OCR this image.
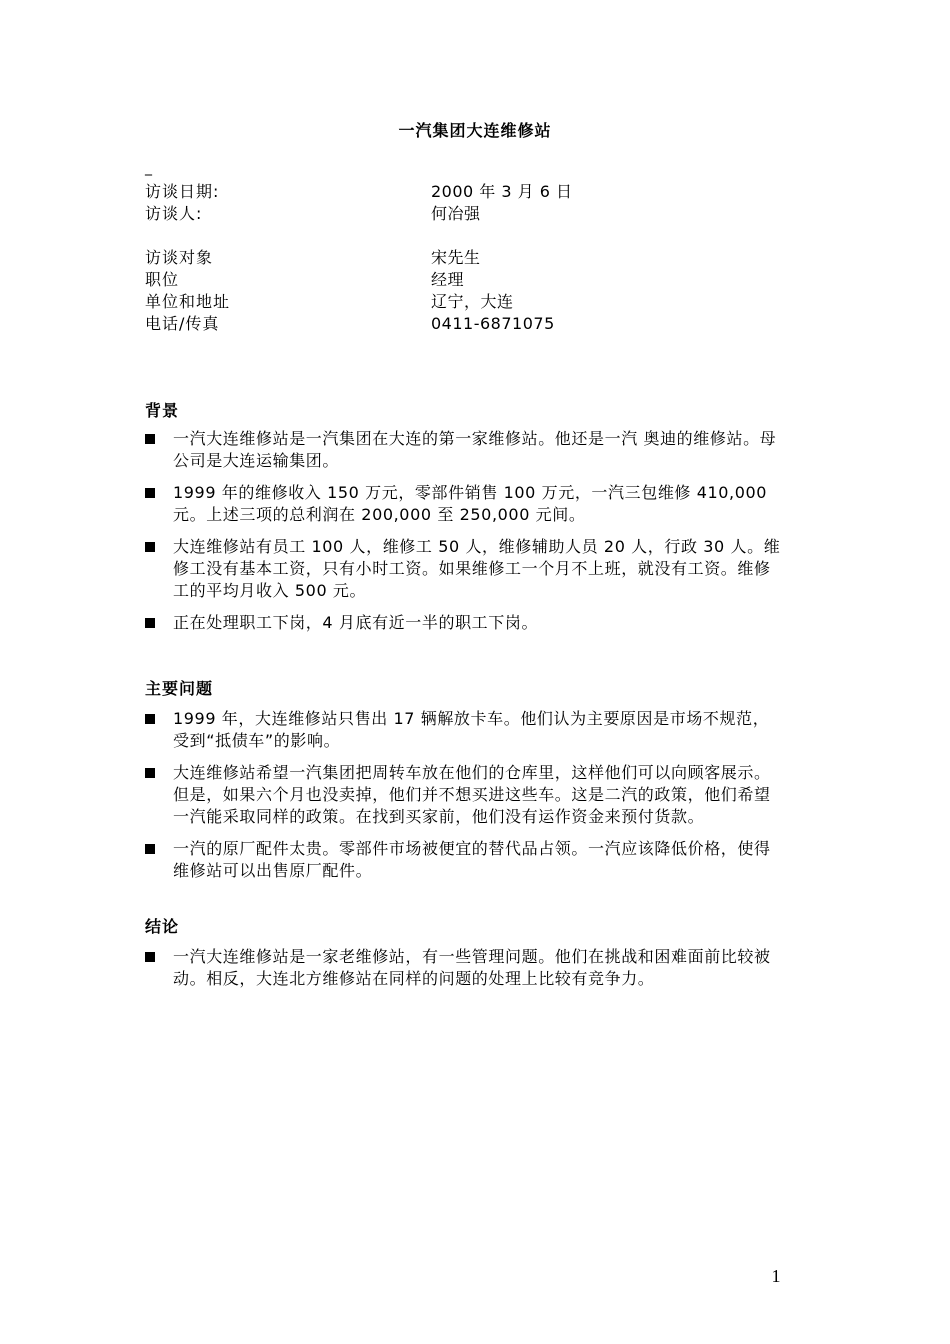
一汽集团大连维修站
_
访谈日期:	2000 年 3 月 6 日
访谈人:	何冶强
访谈对象	宋先生
职位	经理
单位和地址	辽宁，大连
电话/传真	0411-6871075
背景
一汽大连维修站是一汽集团在大连的第一家维修站。他还是一汽 奥迪的维修站。母公司是大连运输集团。
1999 年的维修收入 150 万元，零部件销售 100 万元，一汽三包维修 410,000 元。上述三项的总利润在 200,000 至 250,000 元间。
大连维修站有员工 100 人，维修工 50 人，维修辅助人员 20 人，行政 30 人。维修工没有基本工资，只有小时工资。如果维修工一个月不上班，就没有工资。维修工的平均月收入 500 元。
正在处理职工下岗，4 月底有近一半的职工下岗。
主要问题
1999 年，大连维修站只售出 17 辆解放卡车。他们认为主要原因是市场不规范，受到“抵债车”的影响。
大连维修站希望一汽集团把周转车放在他们的仓库里，这样他们可以向顾客展示。但是，如果六个月也没卖掉，他们并不想买进这些车。这是二汽的政策，他们希望一汽能采取同样的政策。在找到买家前，他们没有运作资金来预付货款。
一汽的原厂配件太贵。零部件市场被便宜的替代品占领。一汽应该降低价格，使得维修站可以出售原厂配件。
结论
一汽大连维修站是一家老维修站，有一些管理问题。他们在挑战和困难面前比较被动。相反，大连北方维修站在同样的问题的处理上比较有竞争力。
1
